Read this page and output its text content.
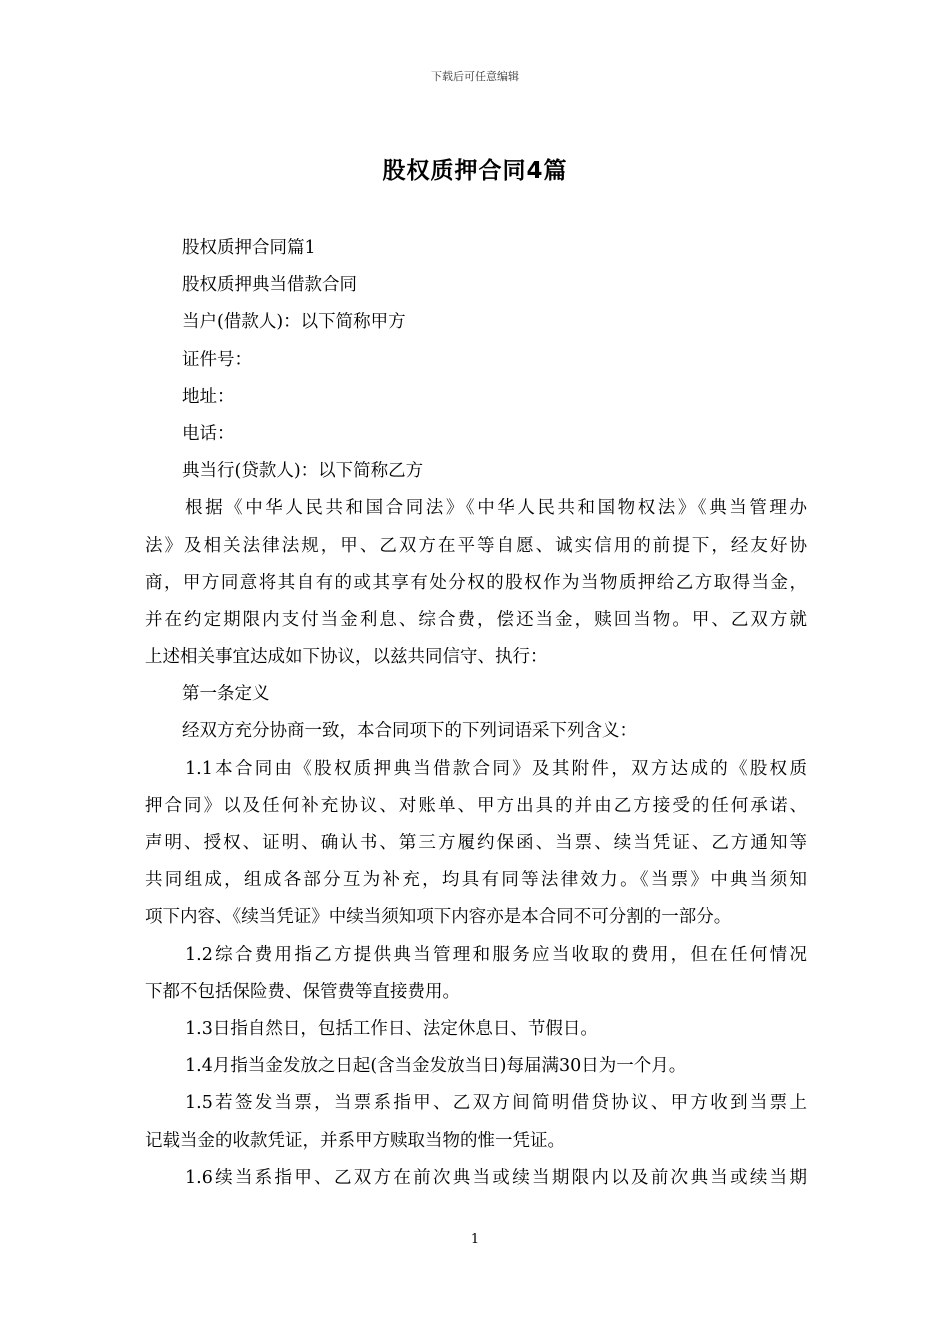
下载后可任意编辑
股权质押合同4篇
股权质押合同篇1
股权质押典当借款合同
当户(借款人)：以下简称甲方
证件号：
地址：
电话：
典当行(贷款人)：以下简称乙方
根据《中华人民共和国合同法》《中华人民共和国物权法》《典当管理办
法》及相关法律法规，甲、乙双方在平等自愿、诚实信用的前提下，经友好协
商，甲方同意将其自有的或其享有处分权的股权作为当物质押给乙方取得当金，
并在约定期限内支付当金利息、综合费，偿还当金，赎回当物。甲、乙双方就
上述相关事宜达成如下协议，以兹共同信守、执行：
第一条定义
经双方充分协商一致，本合同项下的下列词语采下列含义：
1.1本合同由《股权质押典当借款合同》及其附件，双方达成的《股权质
押合同》以及任何补充协议、对账单、甲方出具的并由乙方接受的任何承诺、
声明、授权、证明、确认书、第三方履约保函、当票、续当凭证、乙方通知等
共同组成，组成各部分互为补充，均具有同等法律效力。《当票》中典当须知
项下内容、《续当凭证》中续当须知项下内容亦是本合同不可分割的一部分。
1.2综合费用指乙方提供典当管理和服务应当收取的费用，但在任何情况
下都不包括保险费、保管费等直接费用。
1.3日指自然日，包括工作日、法定休息日、节假日。
1.4月指当金发放之日起(含当金发放当日)每届满30日为一个月。
1.5若签发当票，当票系指甲、乙双方间简明借贷协议、甲方收到当票上
记载当金的收款凭证，并系甲方赎取当物的惟一凭证。
1.6续当系指甲、乙双方在前次典当或续当期限内以及前次典当或续当期
1
